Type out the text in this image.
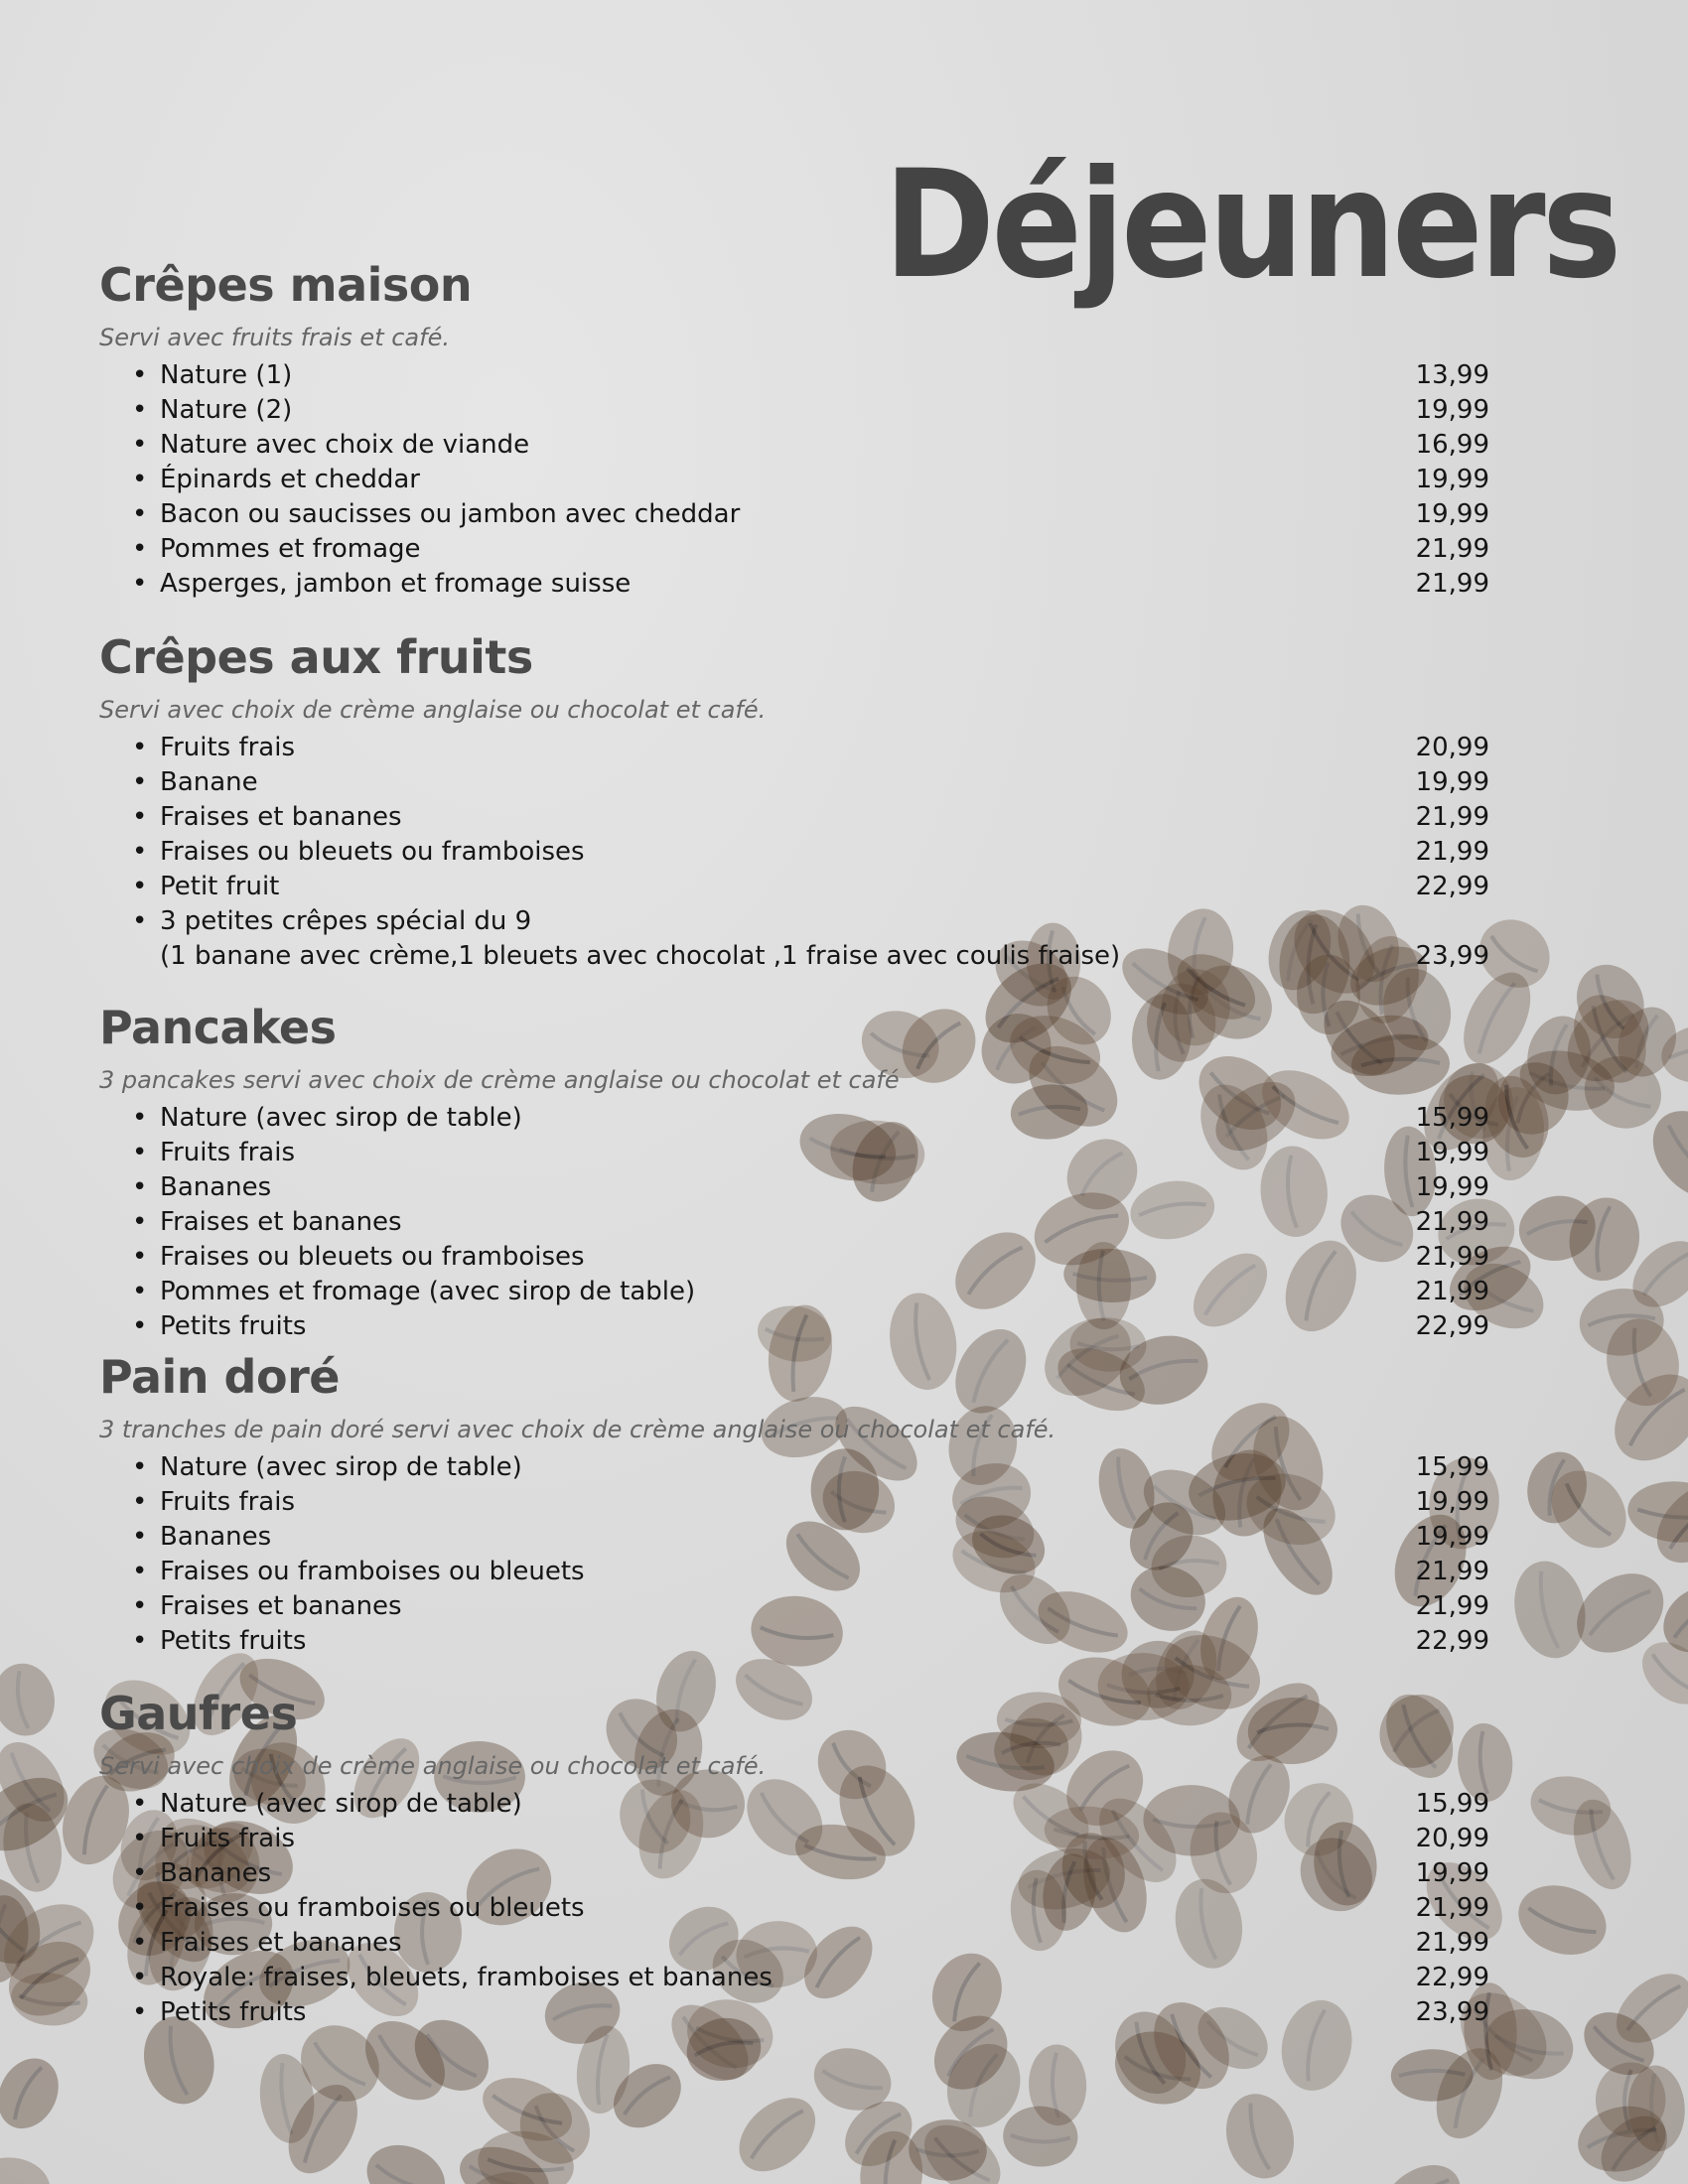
Déjeuners
Crêpes maison

Servi avec fruits frais et café.

• Nature (1)	13,99
• Nature (2)	19,99
• Nature avec choix de viande	16,99
• Épinards et cheddar	19,99
• Bacon ou saucisses ou jambon avec cheddar	19,99
• Pommes et fromage	21,99
• Asperges, jambon et fromage suisse	21,99
Crêpes aux fruits

Servi avec choix de crème anglaise ou chocolat et café.

• Fruits frais	20,99
• Banane	19,99
• Fraises et bananes	21,99
• Fraises ou bleuets ou framboises	21,99
• Petit fruit	22,99
• 3 petites crêpes spécial du 9
(1 banane avec crème,1 bleuets avec chocolat ,1 fraise avec coulis fraise)	23,99
Pancakes

3 pancakes servi avec choix de crème anglaise ou chocolat et café

• Nature (avec sirop de table)	15,99
• Fruits frais	19,99
• Bananes	19,99
• Fraises et bananes	21,99
• Fraises ou bleuets ou framboises	21,99
• Pommes et fromage (avec sirop de table)	21,99
• Petits fruits	22,99
Pain doré

3 tranches de pain doré servi avec choix de crème anglaise ou chocolat et café.

• Nature (avec sirop de table)	15,99
• Fruits frais	19,99
• Bananes	19,99
• Fraises ou framboises ou bleuets	21,99
• Fraises et bananes	21,99
• Petits fruits	22,99
Gaufres

Servi avec choix de crème anglaise ou chocolat et café.

• Nature (avec sirop de table)	15,99
• Fruits frais	20,99
• Bananes	19,99
• Fraises ou framboises ou bleuets	21,99
• Fraises et bananes	21,99
• Royale: fraises, bleuets, framboises et bananes	22,99
• Petits fruits	23,99
